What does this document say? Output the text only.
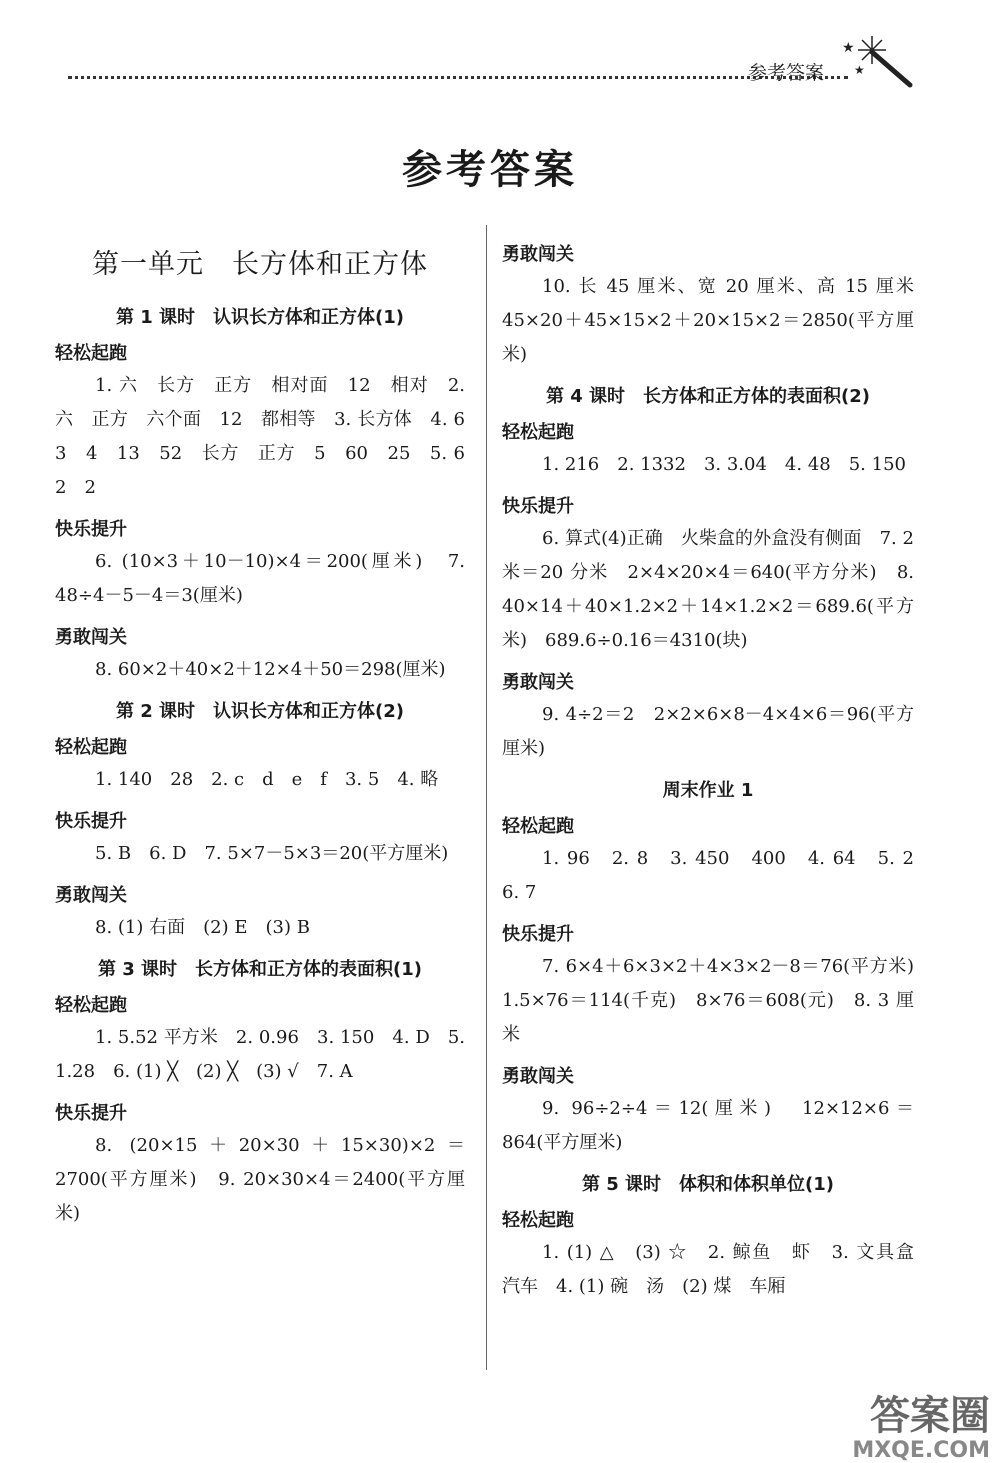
参考答案
★
★
参考答案
第一单元　长方体和正方体
第 1 课时　认识长方体和正方体(1)
轻松起跑
1. 六　长方　正方　相对面　12　相对　2. 六　正方　六个面　12　都相等　3. 长方体　4. 6　3　4　13　52　长方　正方　5　60　25　5. 6　2　2
快乐提升
6. (10×3＋10－10)×4＝200(厘米)　7. 48÷4－5－4＝3(厘米)
勇敢闯关
8. 60×2＋40×2＋12×4＋50＝298(厘米)
第 2 课时　认识长方体和正方体(2)
轻松起跑
1. 140　28　2. c　d　e　f　3. 5　4. 略
快乐提升
5. B　6. D　7. 5×7－5×3＝20(平方厘米)
勇敢闯关
8. (1) 右面　(2) E　(3) B
第 3 课时　长方体和正方体的表面积(1)
轻松起跑
1. 5.52 平方米　2. 0.96　3. 150　4. D　5. 1.28　6. (1) ╳　(2) ╳　(3) √　7. A
快乐提升
8. (20×15＋20×30＋15×30)×2＝2700(平方厘米)　9. 20×30×4＝2400(平方厘米)
勇敢闯关
10. 长 45 厘米、宽 20 厘米、高 15 厘米　45×20＋45×15×2＋20×15×2＝2850(平方厘米)
第 4 课时　长方体和正方体的表面积(2)
轻松起跑
1. 216　2. 1332　3. 3.04　4. 48　5. 150
快乐提升
6. 算式(4)正确　火柴盒的外盒没有侧面　7. 2 米＝20 分米　2×4×20×4＝640(平方分米)　8. 40×14＋40×1.2×2＋14×1.2×2＝689.6(平方米)　689.6÷0.16＝4310(块)
勇敢闯关
9. 4÷2＝2　2×2×6×8－4×4×6＝96(平方厘米)
周末作业 1
轻松起跑
1. 96　2. 8　3. 450　400　4. 64　5. 2　6. 7
快乐提升
7. 6×4＋6×3×2＋4×3×2－8＝76(平方米)　1.5×76＝114(千克)　8×76＝608(元)　8. 3 厘米
勇敢闯关
9. 96÷2÷4＝12(厘米)　12×12×6＝864(平方厘米)
第 5 课时　体积和体积单位(1)
轻松起跑
1. (1) △　(3) ☆　2. 鲸鱼　虾　3. 文具盒　汽车　4. (1) 碗　汤　(2) 煤　车厢
答案圈
MXQE.COM
